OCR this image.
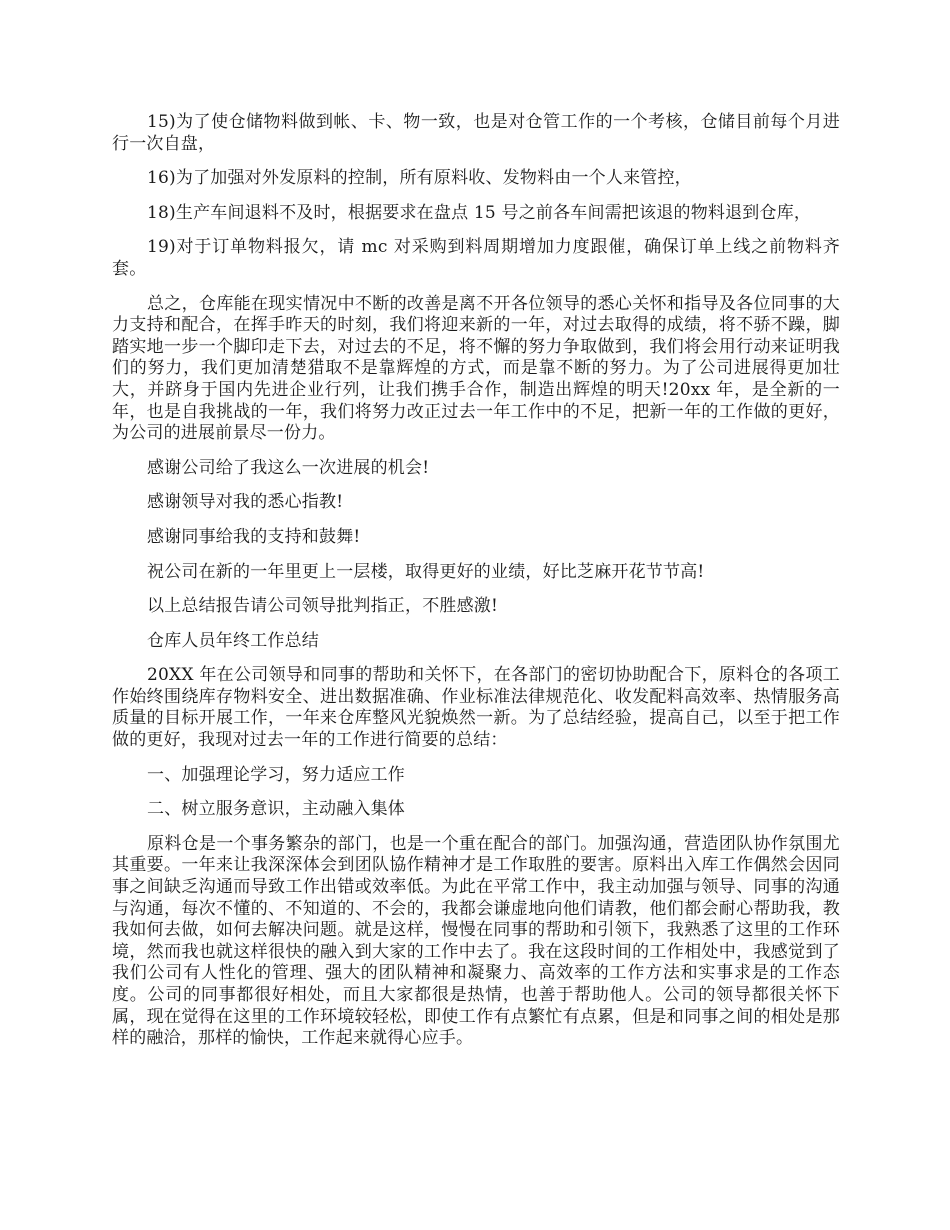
15)为了使仓储物料做到帐、卡、物一致，也是对仓管工作的一个考核，仓储目前每个月进行一次自盘，

16)为了加强对外发原料的控制，所有原料收、发物料由一个人来管控，

18)生产车间退料不及时，根据要求在盘点 15 号之前各车间需把该退的物料退到仓库，

19)对于订单物料报欠，请 mc 对采购到料周期增加力度跟催，确保订单上线之前物料齐套。

总之，仓库能在现实情况中不断的改善是离不开各位领导的悉心关怀和指导及各位同事的大力支持和配合，在挥手昨天的时刻，我们将迎来新的一年，对过去取得的成绩，将不骄不躁，脚踏实地一步一个脚印走下去，对过去的不足，将不懈的努力争取做到，我们将会用行动来证明我们的努力，我们更加清楚猎取不是靠辉煌的方式，而是靠不断的努力。为了公司进展得更加壮大，并跻身于国内先进企业行列，让我们携手合作，制造出辉煌的明天!20xx 年，是全新的一年，也是自我挑战的一年，我们将努力改正过去一年工作中的不足，把新一年的工作做的更好，为公司的进展前景尽一份力。

感谢公司给了我这么一次进展的机会!

感谢领导对我的悉心指教!

感谢同事给我的支持和鼓舞!

祝公司在新的一年里更上一层楼，取得更好的业绩，好比芝麻开花节节高!

以上总结报告请公司领导批判指正，不胜感激!

仓库人员年终工作总结

20XX 年在公司领导和同事的帮助和关怀下，在各部门的密切协助配合下，原料仓的各项工作始终围绕库存物料安全、进出数据准确、作业标准法律规范化、收发配料高效率、热情服务高质量的目标开展工作，一年来仓库整风光貌焕然一新。为了总结经验，提高自己，以至于把工作做的更好，我现对过去一年的工作进行简要的总结：

一、加强理论学习，努力适应工作

二、树立服务意识，主动融入集体

原料仓是一个事务繁杂的部门，也是一个重在配合的部门。加强沟通，营造团队协作氛围尤其重要。一年来让我深深体会到团队協作精神才是工作取胜的要害。原料出入库工作偶然会因同事之间缺乏沟通而导致工作出错或效率低。为此在平常工作中，我主动加强与领导、同事的沟通与沟通，每次不懂的、不知道的、不会的，我都会谦虚地向他们请教，他们都会耐心帮助我，教我如何去做，如何去解决问题。就是这样，慢慢在同事的帮助和引领下，我熟悉了这里的工作环境，然而我也就这样很快的融入到大家的工作中去了。我在这段时间的工作相处中，我感觉到了我们公司有人性化的管理、强大的团队精神和凝聚力、高效率的工作方法和实事求是的工作态度。公司的同事都很好相处，而且大家都很是热情，也善于帮助他人。公司的领导都很关怀下属，现在觉得在这里的工作环境较轻松，即使工作有点繁忙有点累，但是和同事之间的相处是那样的融洽，那样的愉快，工作起来就得心应手。
